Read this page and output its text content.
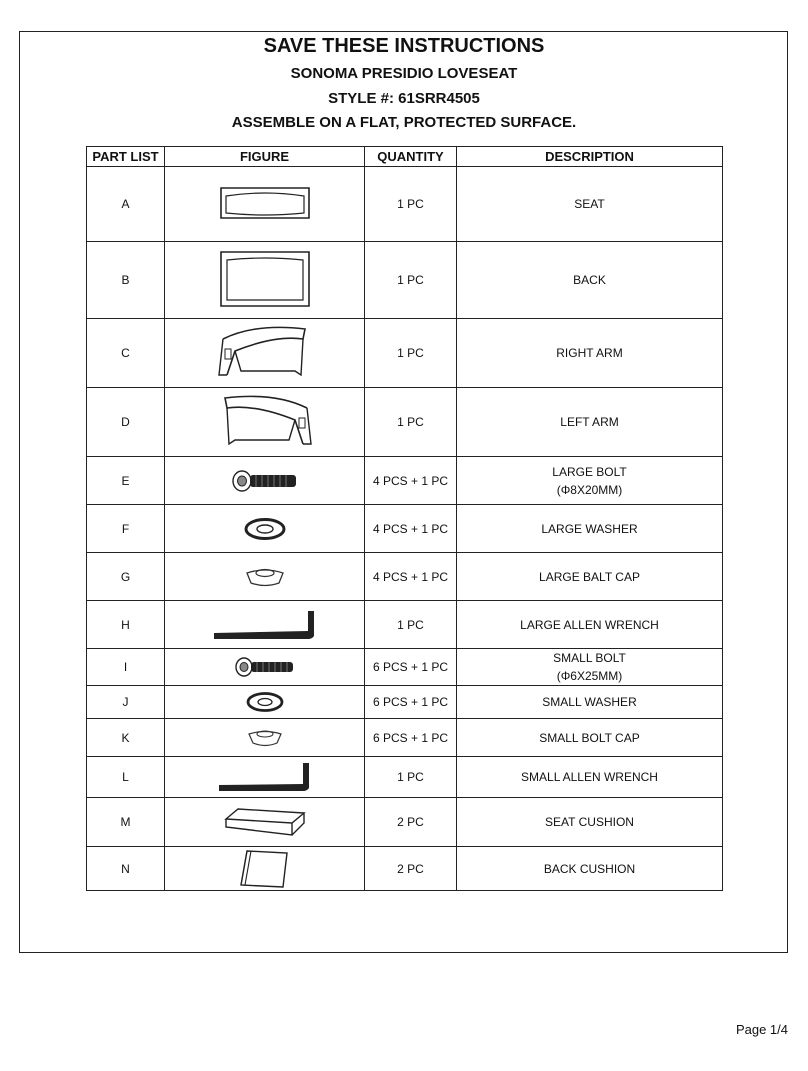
SAVE THESE INSTRUCTIONS
SONOMA PRESIDIO LOVESEAT
STYLE #: 61SRR4505
ASSEMBLE ON A FLAT, PROTECTED SURFACE.
PART LIST	FIGURE	QUANTITY	DESCRIPTION
A		1 PC	SEAT

B		1 PC	BACK

C		1 PC	RIGHT ARM

D		1 PC	LEFT ARM

E		4 PCS + 1 PC	LARGE BOLT
(Φ8X20MM)

F		4 PCS + 1 PC	LARGE WASHER

G		4 PCS + 1 PC	LARGE BALT CAP

H		1 PC	LARGE ALLEN WRENCH

I		6 PCS + 1 PC	SMALL BOLT
(Φ6X25MM)

J		6 PCS + 1 PC	SMALL WASHER

K		6 PCS + 1 PC	SMALL BOLT CAP

L		1 PC	SMALL ALLEN WRENCH

M		2 PC	SEAT CUSHION

N		2 PC	BACK CUSHION
Page 1/4
